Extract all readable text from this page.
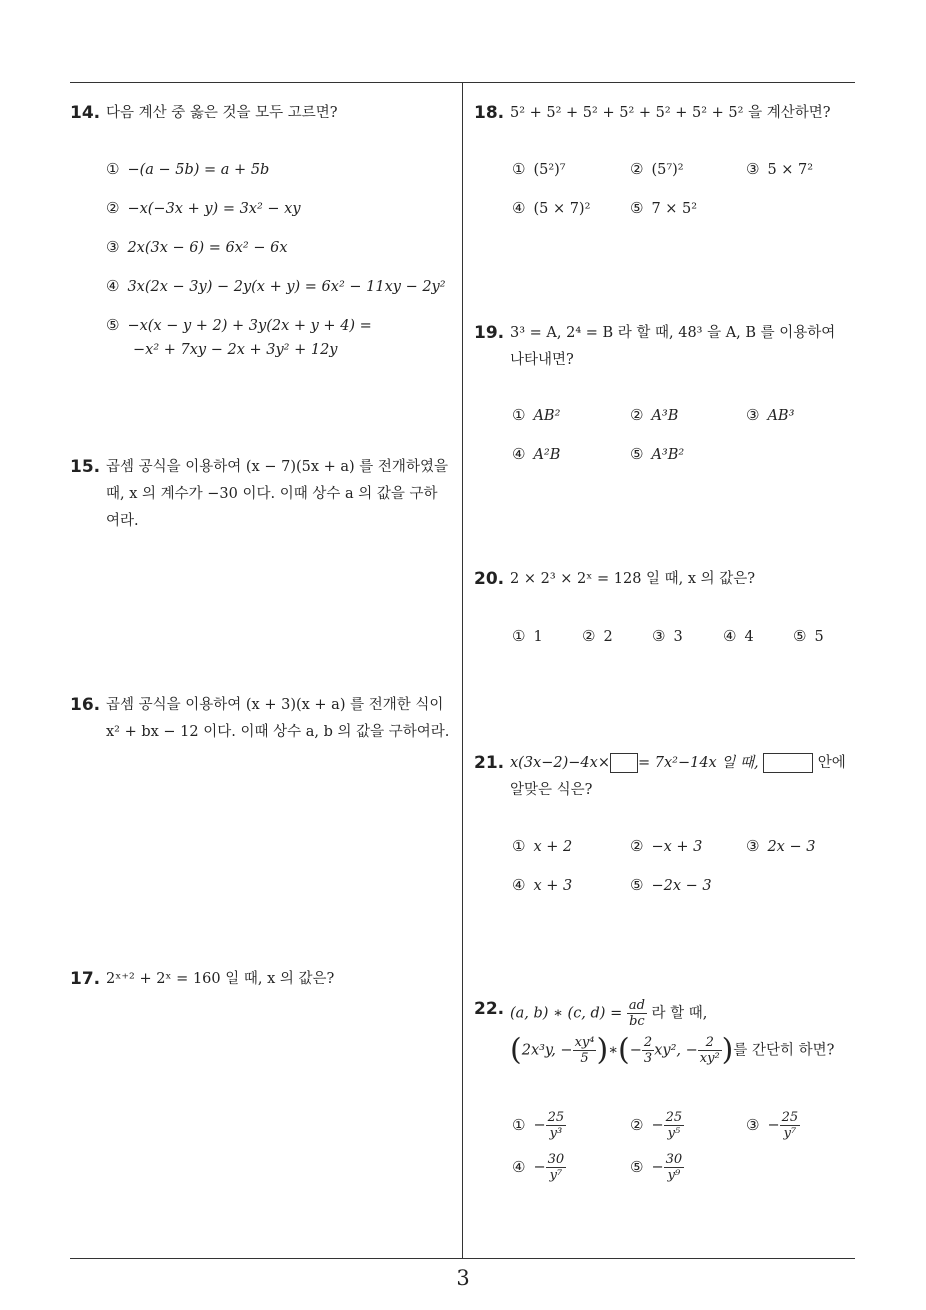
3
14. 다음 계산 중 옳은 것을 모두 고르면?
① −(a − 5b) = a + 5b
② −x(−3x + y) = 3x² − xy
③ 2x(3x − 6) = 6x² − 6x
④ 3x(2x − 3y) − 2y(x + y) = 6x² − 11xy − 2y²
⑤ −x(x − y + 2) + 3y(2x + y + 4) =
−x² + 7xy − 2x + 3y² + 12y
15. 곱셈 공식을 이용하여 (x − 7)(5x + a) 를 전개하였을
때, x 의 계수가 −30 이다. 이때 상수 a 의 값을 구하
여라.
16. 곱셈 공식을 이용하여 (x + 3)(x + a) 를 전개한 식이
x² + bx − 12 이다. 이때 상수 a, b 의 값을 구하여라.
17. 2ˣ⁺² + 2ˣ = 160 일 때, x 의 값은?
18. 5² + 5² + 5² + 5² + 5² + 5² + 5² 을 계산하면?
① (5²)⁷	② (5⁷)²	③ 5 × 7²
④ (5 × 7)²	⑤ 7 × 5²
19. 3³ = A, 2⁴ = B 라 할 때, 48³ 을 A, B 를 이용하여
나타내면?
① AB²	② A³B	③ AB³
④ A²B	⑤ A³B²
20. 2 × 2³ × 2ˣ = 128 일 때, x 의 값은?
① 1	② 2	③ 3	④ 4	⑤ 5
21. x(3x−2)−4x× = 7x²−14x 일 때,	안에
알맞은 식은?
① x + 2	② −x + 3	③ 2x − 3
④ x + 3	⑤ −2x − 3
22. (a, b) ∗ (c, $d) = \frac{ad}{bc}$ 라 할 때,
(2x³y, − $\frac{\text{xy⁴}}{5}$ )∗(− $\frac{2}{3} xy^2$, − $\frac{2}{\text{xy²}}$ )를 간단히 하면?
① − $\frac{25}{\text{y³}}$	② − $\frac{25}{\text{y⁵}}$	③ − $\frac{25}{\text{y⁷}}$
④ − $\frac{30}{\text{y⁷}}$	⑤ − $\frac{30}{\text{y⁹}}$
